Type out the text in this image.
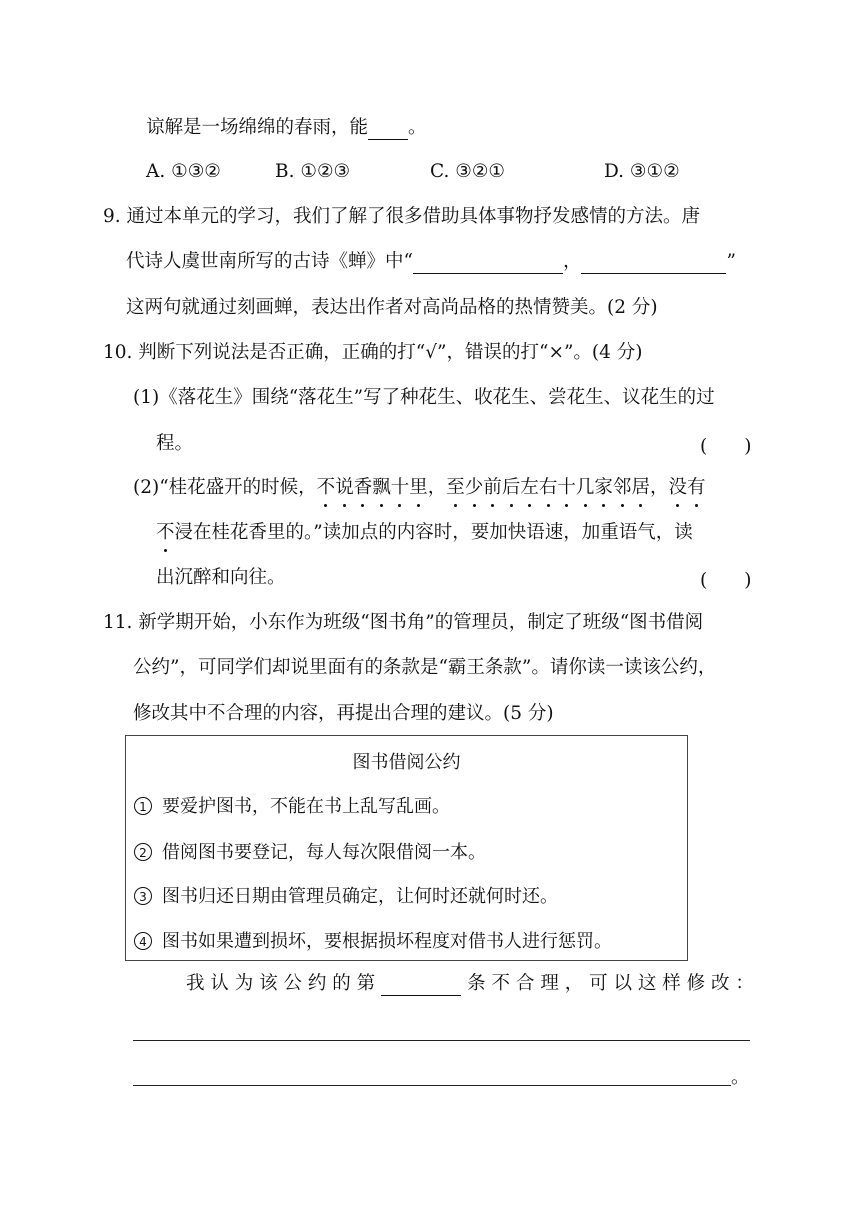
谅解是一场绵绵的春雨，能 。
A. ①③②	B. ①②③	C. ③②①	D. ③①②
9. 通过本单元的学习，我们了解了很多借助具体事物抒发感情的方法。唐
代诗人虞世南所写的古诗《蝉》中“	，	”
这两句就通过刻画蝉，表达出作者对高尚品格的热情赞美。(2 分)
10. 判断下列说法是否正确，正确的打“√”，错误的打“×”。(4 分)
(1)《落花生》围绕“落花生”写了种花生、收花生、尝花生、议花生的过
程。	(　　)
(2)“桂花盛开的时候，不说香飘十里，至少前后左右十几家邻居，没有
不浸在桂花香里的。”读加点的内容时，要加快语速，加重语气，读
出沉醉和向往。	(　　)
11. 新学期开始，小东作为班级“图书角”的管理员，制定了班级“图书借阅
公约”，可同学们却说里面有的条款是“霸王条款”。请你读一读该公约，
修改其中不合理的内容，再提出合理的建议。(5 分)
图书借阅公约
1 要爱护图书，不能在书上乱写乱画。
2 借阅图书要登记，每人每次限借阅一本。
3 图书归还日期由管理员确定，让何时还就何时还。
4 图书如果遭到损坏，要根据损坏程度对借书人进行惩罚。
我 认 为 该 公 约 的 第	条 不 合 理 ， 可 以 这 样 修 改 ：
。
